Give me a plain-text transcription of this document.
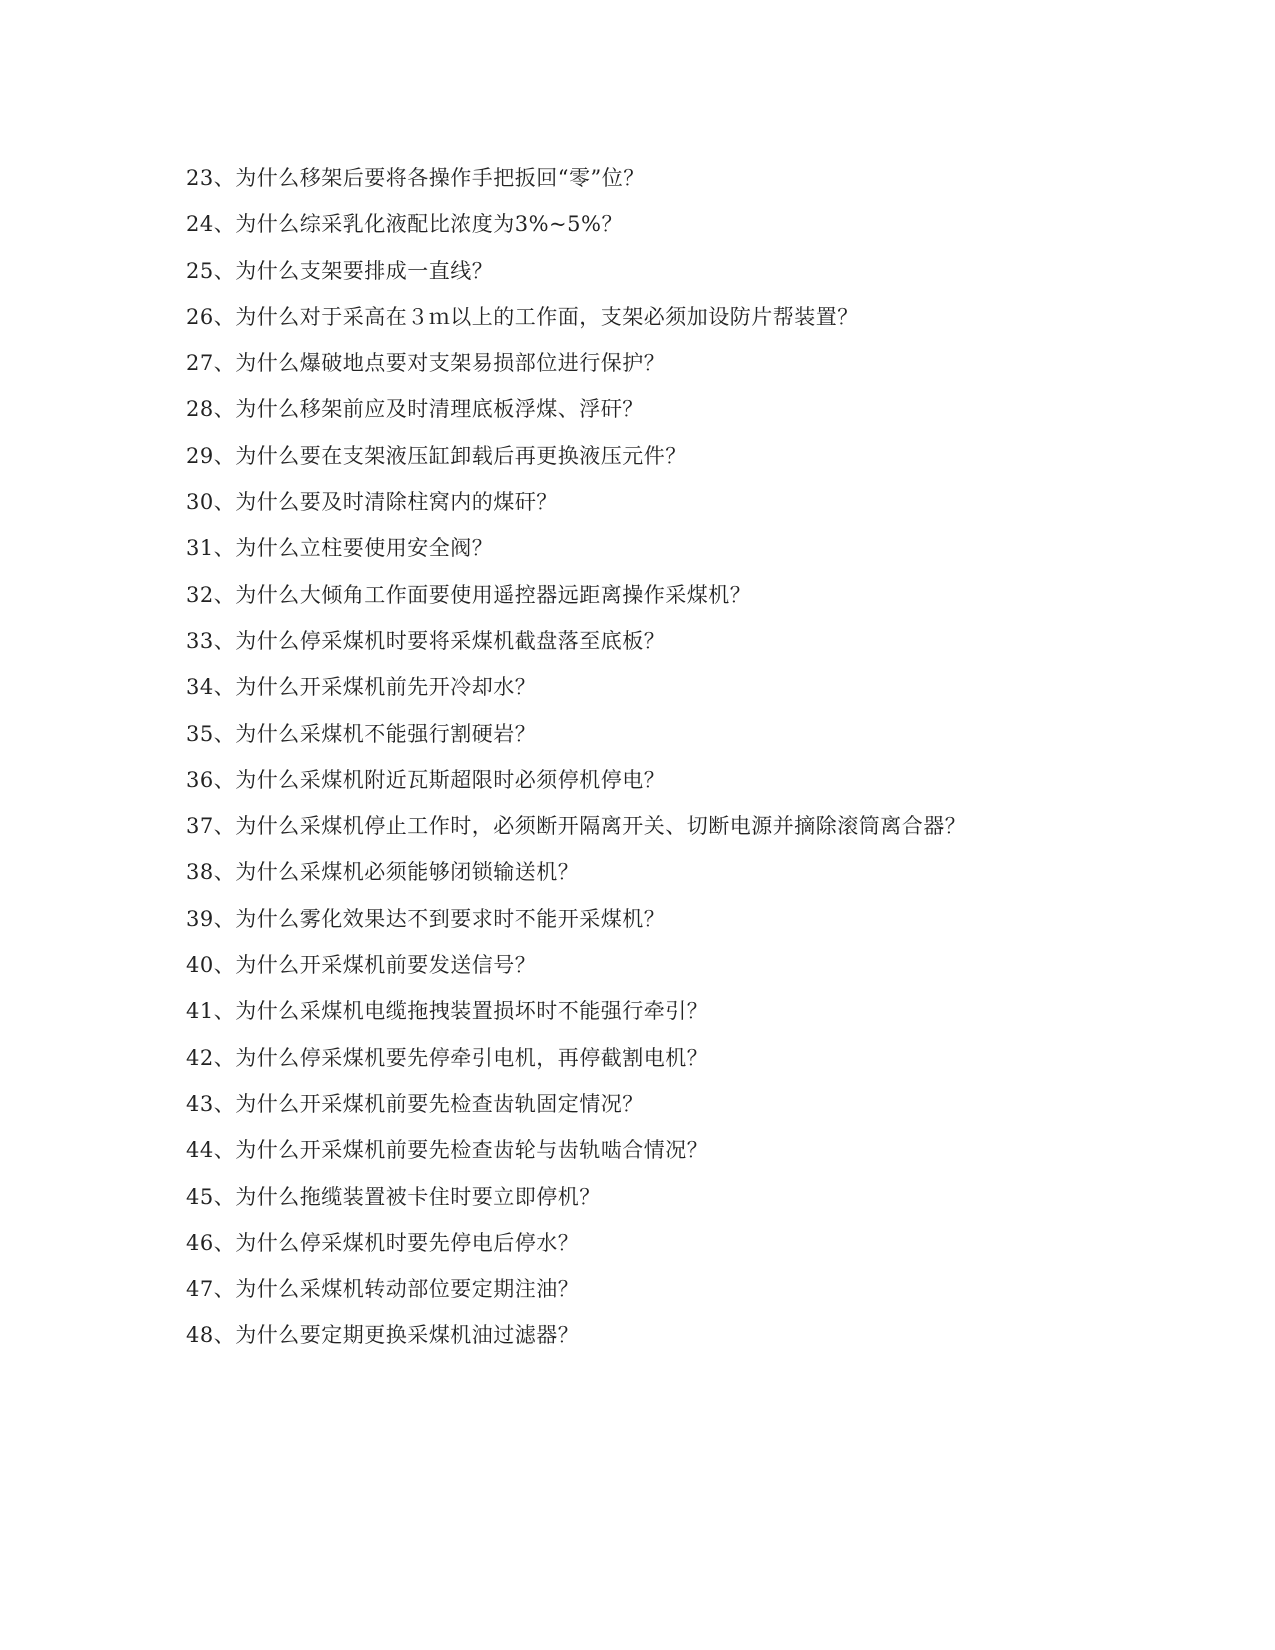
23、为什么移架后要将各操作手把扳回“零”位？
24、为什么综采乳化液配比浓度为3%~5%？
25、为什么支架要排成一直线？
26、为什么对于采高在３ｍ以上的工作面，支架必须加设防片帮装置？
27、为什么爆破地点要对支架易损部位进行保护？
28、为什么移架前应及时清理底板浮煤、浮矸？
29、为什么要在支架液压缸卸载后再更换液压元件？
30、为什么要及时清除柱窝内的煤矸？
31、为什么立柱要使用安全阀？
32、为什么大倾角工作面要使用遥控器远距离操作采煤机？
33、为什么停采煤机时要将采煤机截盘落至底板？
34、为什么开采煤机前先开冷却水？
35、为什么采煤机不能强行割硬岩？
36、为什么采煤机附近瓦斯超限时必须停机停电？
37、为什么采煤机停止工作时，必须断开隔离开关、切断电源并摘除滚筒离合器？
38、为什么采煤机必须能够闭锁输送机？
39、为什么雾化效果达不到要求时不能开采煤机？
40、为什么开采煤机前要发送信号？
41、为什么采煤机电缆拖拽装置损坏时不能强行牵引？
42、为什么停采煤机要先停牵引电机，再停截割电机？
43、为什么开采煤机前要先检查齿轨固定情况？
44、为什么开采煤机前要先检查齿轮与齿轨啮合情况？
45、为什么拖缆装置被卡住时要立即停机？
46、为什么停采煤机时要先停电后停水？
47、为什么采煤机转动部位要定期注油？
48、为什么要定期更换采煤机油过滤器？
